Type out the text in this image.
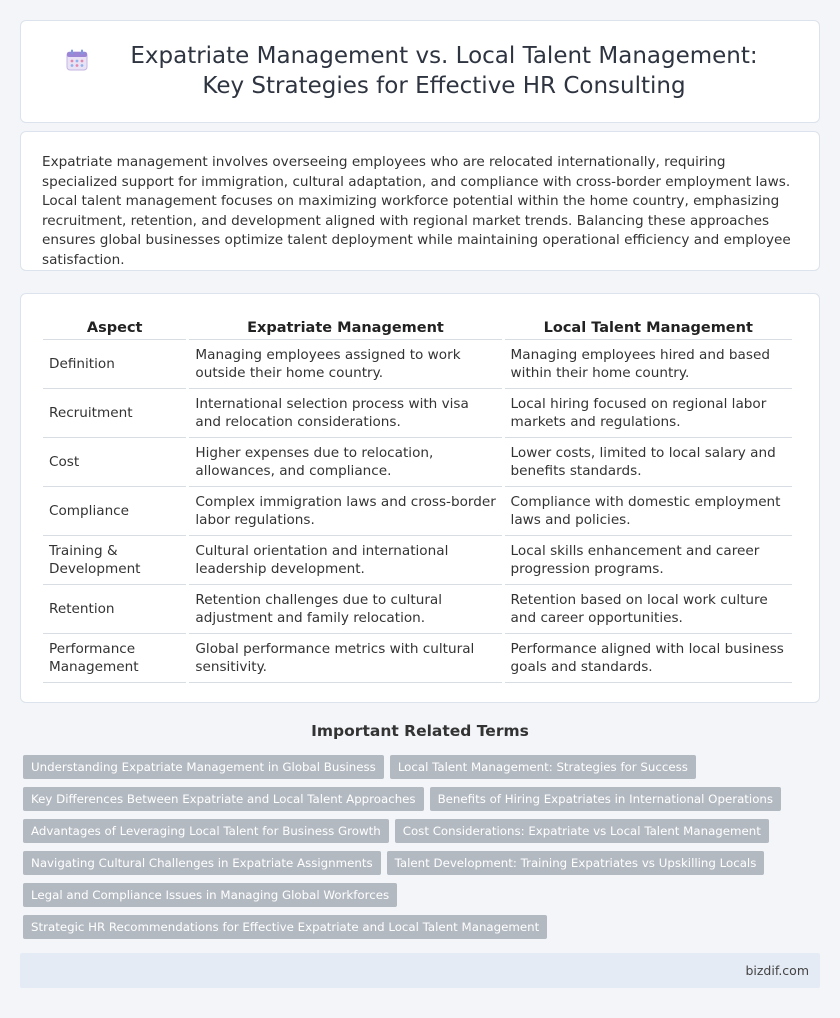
Expatriate Management vs. Local Talent Management: Key Strategies for Effective HR Consulting

Expatriate management involves overseeing employees who are relocated internationally, requiring specialized support for immigration, cultural adaptation, and compliance with cross-border employment laws. Local talent management focuses on maximizing workforce potential within the home country, emphasizing recruitment, retention, and development aligned with regional market trends. Balancing these approaches ensures global businesses optimize talent deployment while maintaining operational efficiency and employee satisfaction.

Aspect	Expatriate Management	Local Talent Management
Definition	Managing employees assigned to work outside their home country.	Managing employees hired and based within their home country.
Recruitment	International selection process with visa and relocation considerations.	Local hiring focused on regional labor markets and regulations.
Cost	Higher expenses due to relocation, allowances, and compliance.	Lower costs, limited to local salary and benefits standards.
Compliance	Complex immigration laws and cross-border labor regulations.	Compliance with domestic employment laws and policies.
Training & Development	Cultural orientation and international leadership development.	Local skills enhancement and career progression programs.
Retention	Retention challenges due to cultural adjustment and family relocation.	Retention based on local work culture and career opportunities.
Performance Management	Global performance metrics with cultural sensitivity.	Performance aligned with local business goals and standards.
Important Related Terms
Understanding Expatriate Management in Global Business	Local Talent Management: Strategies for Success
Key Differences Between Expatriate and Local Talent Approaches	Benefits of Hiring Expatriates in International Operations
Advantages of Leveraging Local Talent for Business Growth	Cost Considerations: Expatriate vs Local Talent Management
Navigating Cultural Challenges in Expatriate Assignments	Talent Development: Training Expatriates vs Upskilling Locals
Legal and Compliance Issues in Managing Global Workforces
Strategic HR Recommendations for Effective Expatriate and Local Talent Management
bizdif.com
